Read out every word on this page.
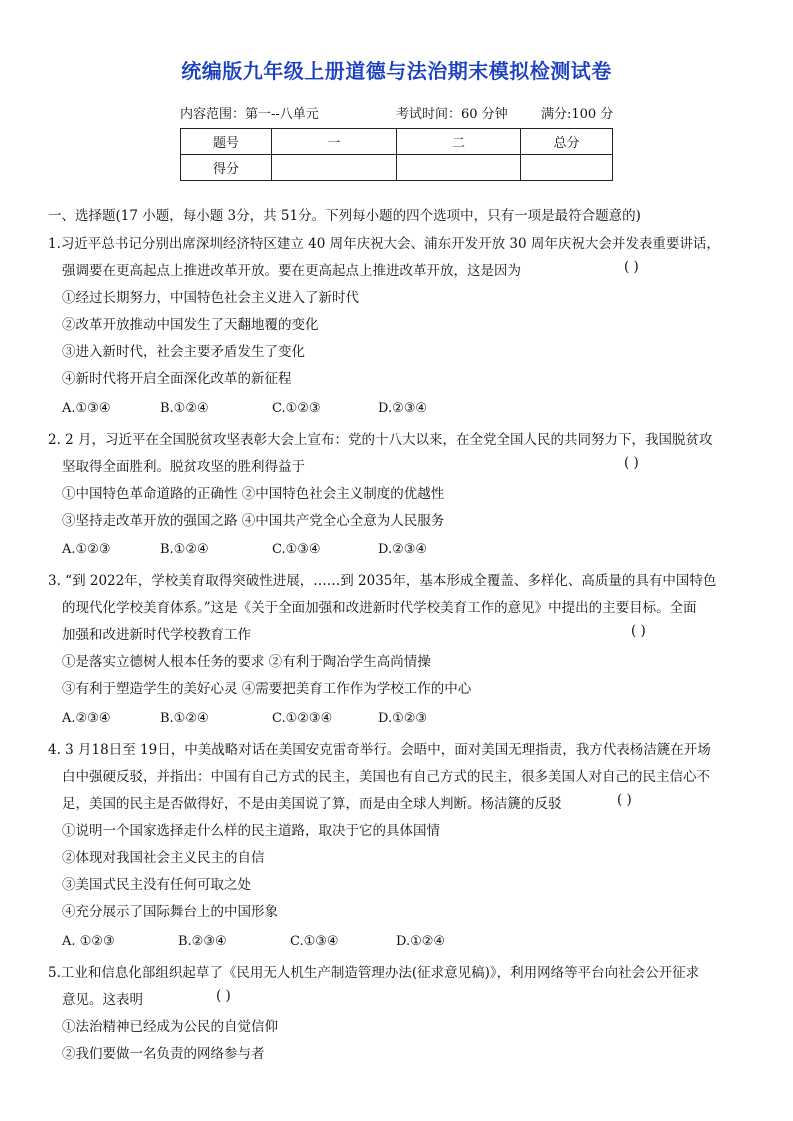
统编版九年级上册道德与法治期末模拟检测试卷
内容范围：第一--八单元	考试时间：60 分钟	满分:100 分
题号	一	二	总分
得分			
一、选择题(17 小题，每小题 3分，共 51分。下列每小题的四个选项中，只有一项是最符合题意的)
1.习近平总书记分别出席深圳经济特区建立 40 周年庆祝大会、浦东开发开放 30 周年庆祝大会并发表重要讲话，
强调要在更高起点上推进改革开放。要在更高起点上推进改革开放，这是因为	( )
①经过长期努力，中国特色社会主义进入了新时代
②改革开放推动中国发生了天翻地覆的变化
③进入新时代，社会主要矛盾发生了变化
④新时代将开启全面深化改革的新征程
A.①③④	B.①②④	C.①②③	D.②③④
2. 2 月，习近平在全国脱贫攻坚表彰大会上宣布：党的十八大以来，在全党全国人民的共同努力下，我国脱贫攻
坚取得全面胜利。脱贫攻坚的胜利得益于	( )
①中国特色革命道路的正确性 ②中国特色社会主义制度的优越性
③坚持走改革开放的强国之路 ④中国共产党全心全意为人民服务
A.①②③	B.①②④	C.①③④	D.②③④
3. “到 2022年，学校美育取得突破性进展，……到 2035年，基本形成全覆盖、多样化、高质量的具有中国特色
的现代化学校美育体系。”这是《关于全面加强和改进新时代学校美育工作的意见》中提出的主要目标。全面
加强和改进新时代学校教育工作	( )
①是落实立德树人根本任务的要求 ②有利于陶冶学生高尚情操
③有利于塑造学生的美好心灵 ④需要把美育工作作为学校工作的中心
A.②③④	B.①②④	C.①②③④	D.①②③
4. 3 月18日至 19日，中美战略对话在美国安克雷奇举行。会晤中，面对美国无理指责，我方代表杨洁篪在开场
白中强硬反驳，并指出：中国有自己方式的民主，美国也有自己方式的民主，很多美国人对自己的民主信心不
足，美国的民主是否做得好，不是由美国说了算，而是由全球人判断。杨洁篪的反驳	( )
①说明一个国家选择走什么样的民主道路，取决于它的具体国情
②体现对我国社会主义民主的自信
③美国式民主没有任何可取之处
④充分展示了国际舞台上的中国形象
A. ①②③	B.②③④	C.①③④	D.①②④
5.工业和信息化部组织起草了《民用无人机生产制造管理办法(征求意见稿)》，利用网络等平台向社会公开征求
意见。这表明	( )
①法治精神已经成为公民的自觉信仰
②我们要做一名负责的网络参与者
